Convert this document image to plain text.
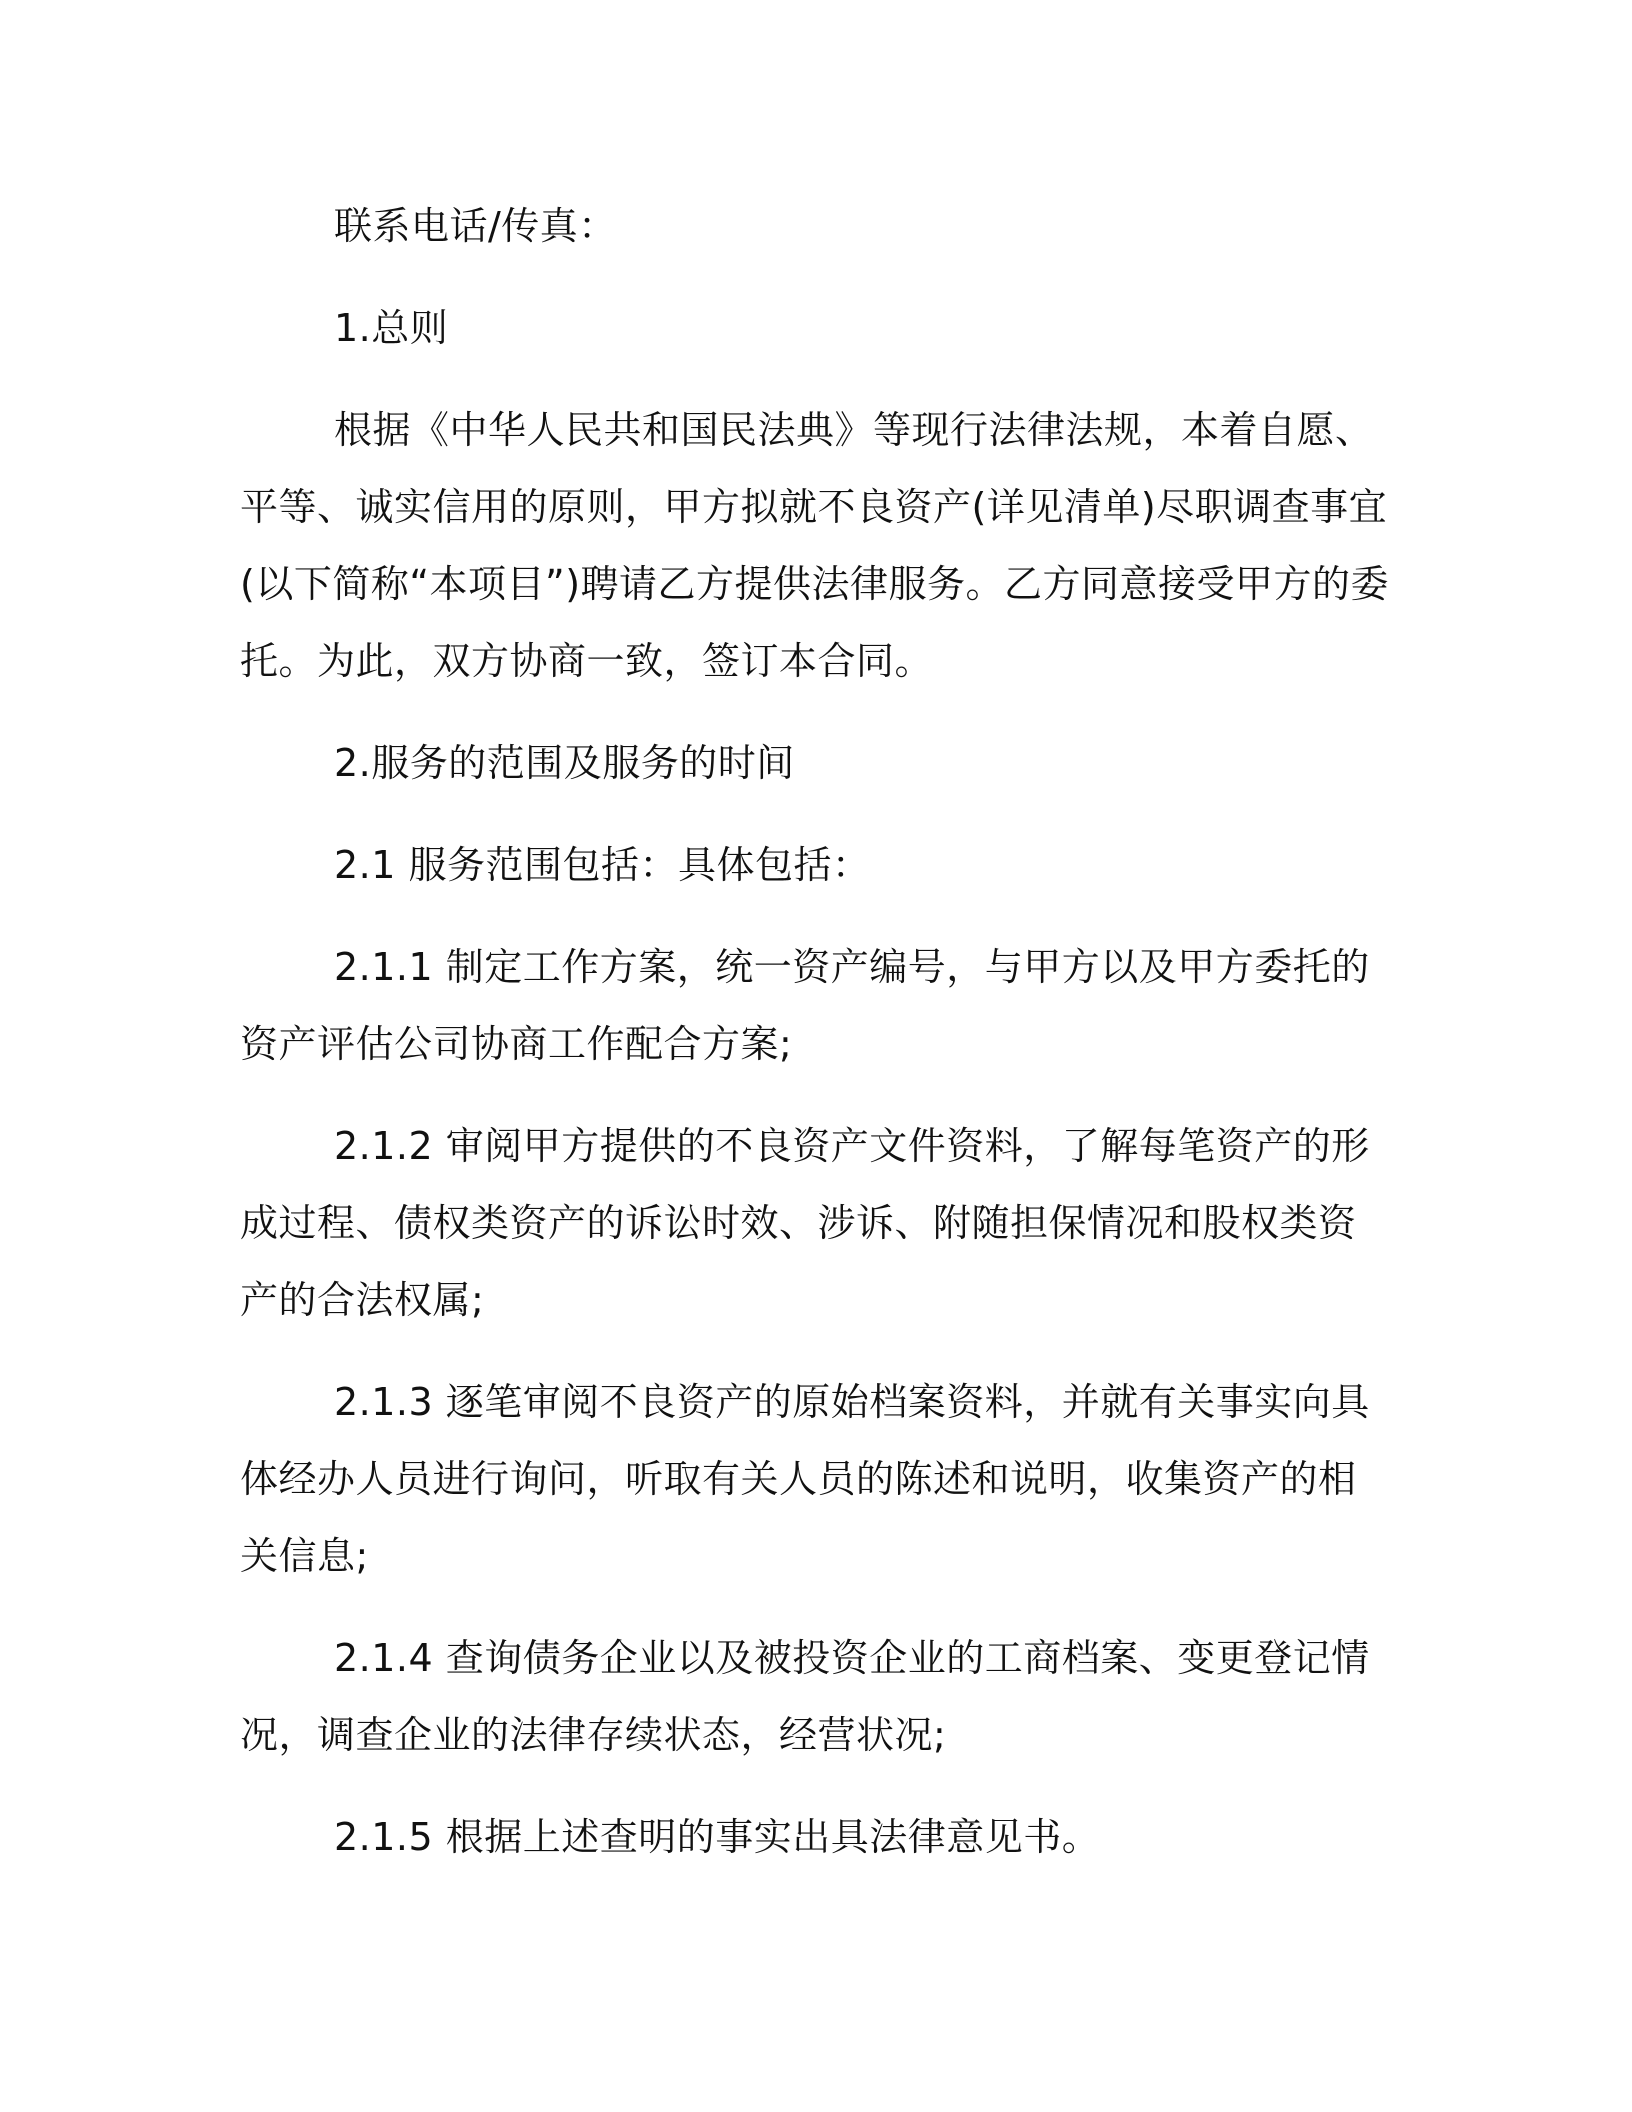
联系电话/传真：

1.总则

根据《中华人民共和国民法典》等现行法律法规，本着自愿、平等、诚实信用的原则，甲方拟就不良资产(详见清单)尽职调查事宜(以下简称“本项目”)聘请乙方提供法律服务。乙方同意接受甲方的委托。为此，双方协商一致，签订本合同。

2.服务的范围及服务的时间

2.1 服务范围包括：具体包括：

2.1.1 制定工作方案，统一资产编号，与甲方以及甲方委托的资产评估公司协商工作配合方案;

2.1.2 审阅甲方提供的不良资产文件资料，了解每笔资产的形成过程、债权类资产的诉讼时效、涉诉、附随担保情况和股权类资产的合法权属;

2.1.3 逐笔审阅不良资产的原始档案资料，并就有关事实向具体经办人员进行询问，听取有关人员的陈述和说明，收集资产的相关信息;

2.1.4 查询债务企业以及被投资企业的工商档案、变更登记情况，调查企业的法律存续状态，经营状况;

2.1.5 根据上述查明的事实出具法律意见书。
